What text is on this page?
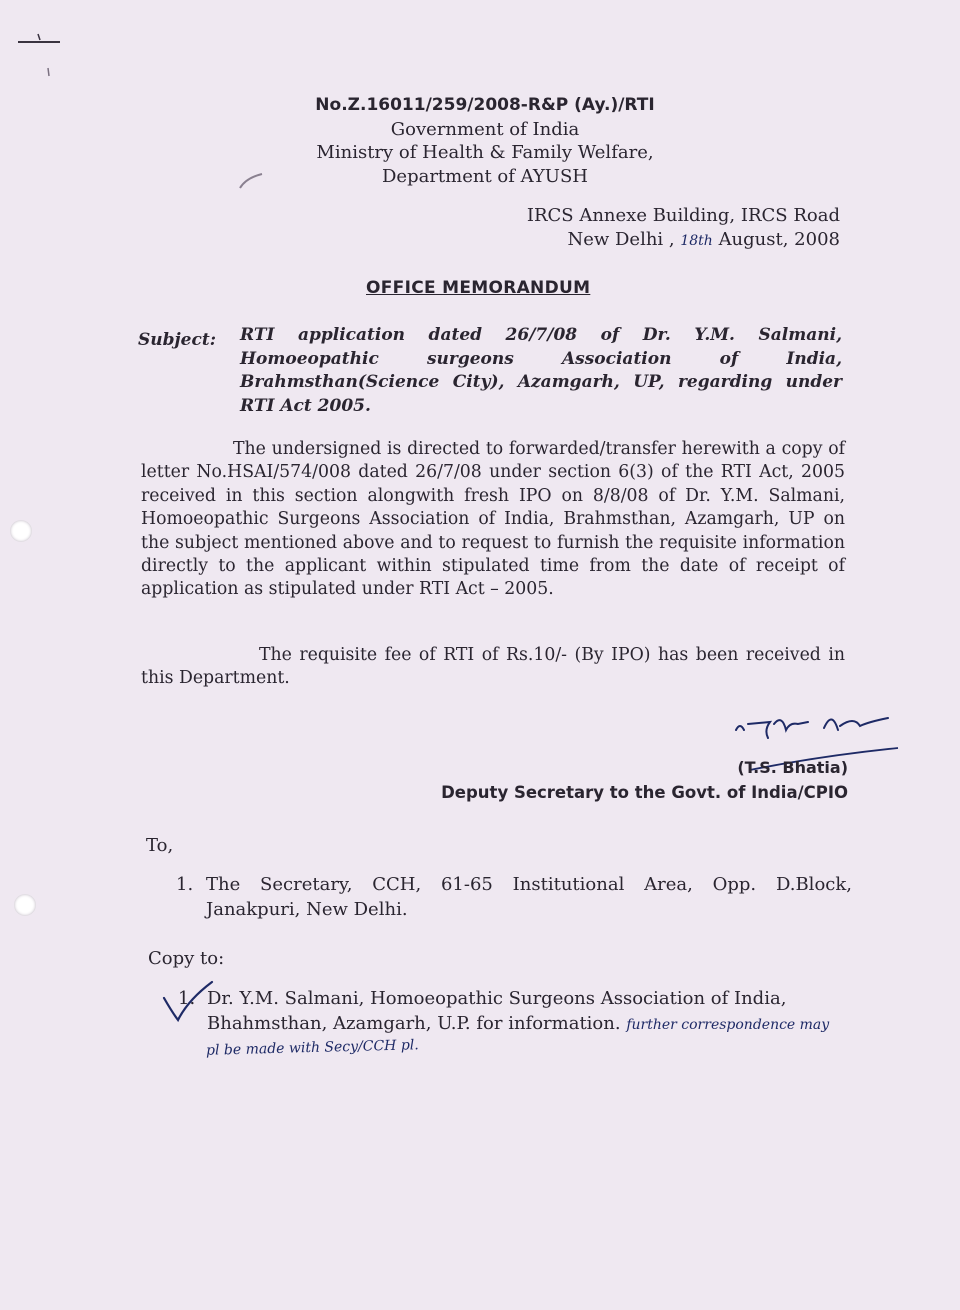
No.Z.16011/259/2008-R&P (Ay.)/RTI
Government of India
Ministry of Health & Family Welfare,
Department of AYUSH
IRCS Annexe Building, IRCS Road
New Delhi , 18th August, 2008
OFFICE MEMORANDUM
Subject: RTI application dated 26/7/08 of Dr. Y.M. Salmani, Homoeopathic surgeons Association of India, Brahmsthan(Science City), Azamgarh, UP, regarding under RTI Act 2005.
The undersigned is directed to forwarded/transfer herewith a copy of letter No.HSAI/574/008 dated 26/7/08 under section 6(3) of the RTI Act, 2005 received in this section alongwith fresh IPO on 8/8/08 of Dr. Y.M. Salmani, Homoeopathic Surgeons Association of India, Brahmsthan, Azamgarh, UP on the subject mentioned above and to request to furnish the requisite information directly to the applicant within stipulated time from the date of receipt of application as stipulated under RTI Act – 2005.
The requisite fee of RTI of Rs.10/- (By IPO) has been received in this Department.
(T.S. Bhatia)
Deputy Secretary to the Govt. of India/CPIO
To,
1. The Secretary, CCH, 61-65 Institutional Area, Opp. D.Block, Janakpuri, New Delhi.
Copy to:
1. Dr. Y.M. Salmani, Homoeopathic Surgeons Association of India, Bhahmsthan, Azamgarh, U.P. for information. further correspondence may
pl be made with Secy/CCH pl.
